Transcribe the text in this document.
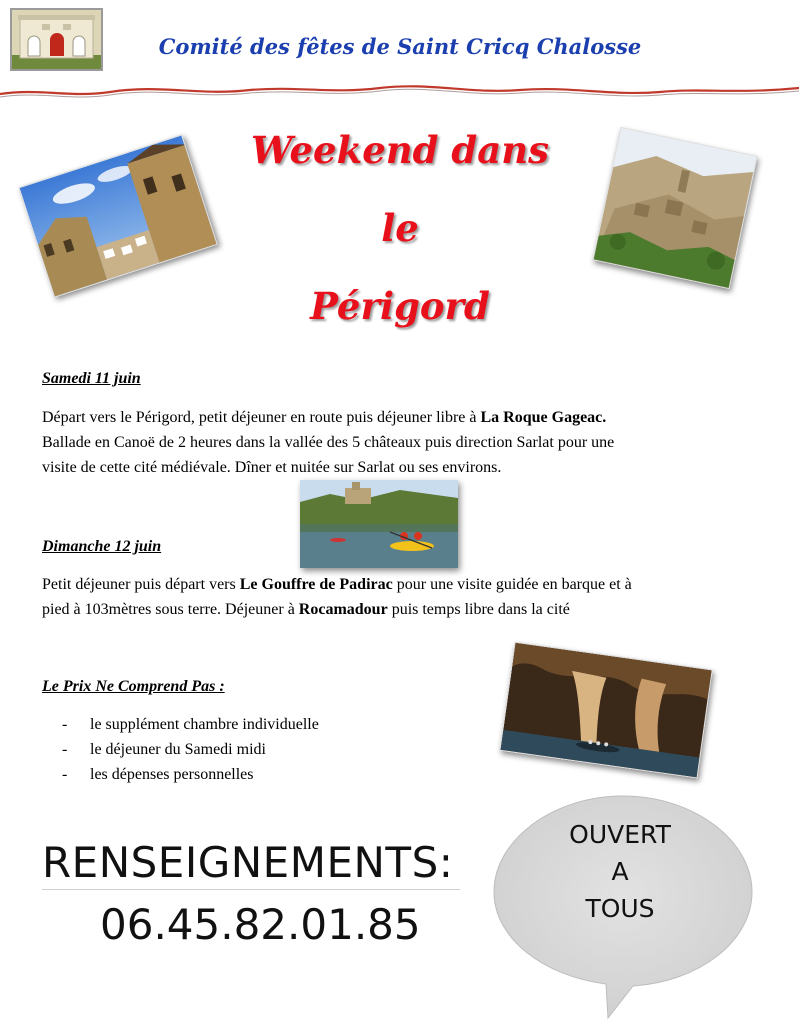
Comité des fêtes de Saint Cricq Chalosse
Weekend dans
le
Périgord
Samedi 11 juin
Départ vers le Périgord, petit déjeuner en route puis déjeuner libre à La Roque Gageac.
Ballade en Canoë de 2 heures dans la vallée des 5 châteaux puis direction Sarlat pour une
visite de cette cité médiévale. Dîner et nuitée sur Sarlat ou ses environs.
Dimanche 12 juin
Petit déjeuner puis départ vers Le Gouffre de Padirac pour une visite guidée en barque et à
pied à 103mètres sous terre. Déjeuner à Rocamadour puis temps libre dans la cité
Le Prix Ne Comprend Pas :
- le supplément chambre individuelle
- le déjeuner du Samedi midi
- les dépenses personnelles
OUVERT
A
TOUS
RENSEIGNEMENTS:
06.45.82.01.85
